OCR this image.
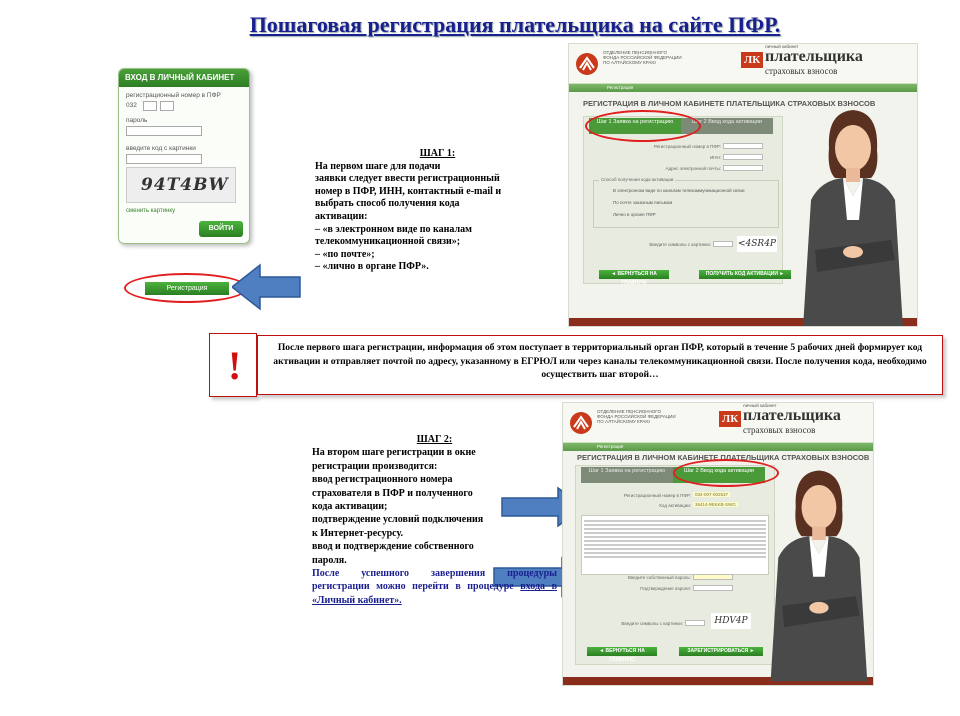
Пошаговая регистрация плательщика на сайте ПФР.
ВХОД В ЛИЧНЫЙ КАБИНЕТ
регистрационный номер в ПФР
032
пароль
введите код с картинки
94T4BW
сменить картинку
ВОЙТИ
Регистрация
ШАГ 1:
На первом шаге для подачи
заявки следует ввести регистрационный
номер в ПФР, ИНН, контактный e-mail и
выбрать способ получения кода
активации:
– «в электронном виде по каналам
телекоммуникационной связи»;
– «по почте»;
– «лично в органе ПФР».
!	После первого шага регистрации, информация об этом поступает в территориальный орган ПФР, который в течение 5 рабочих дней формирует код активации и отправляет почтой по адресу, указанному в ЕГРЮЛ или через каналы телекоммуникационной связи. После получения кода, необходимо осуществить шаг второй…
ШАГ 2:
На втором шаге регистрации в окне
регистрации производится:
ввод регистрационного номера
страхователя в ПФР и полученного
кода активации;
подтверждение условий подключения
к Интернет-ресурсу.
ввод и подтверждение собственного
пароля.
После успешного завершения процедуры регистрации можно перейти в процедуре входа в «Личный кабинет».
ОТДЕЛЕНИЕ ПЕНСИОННОГО ФОНДА РОССИЙСКОЙ ФЕДЕРАЦИИ ПО АЛТАЙСКОМУ КРАЮ	ЛК
личный кабинет
плательщика
страховых взносов
Регистрация
РЕГИСТРАЦИЯ В ЛИЧНОМ КАБИНЕТЕ ПЛАТЕЛЬЩИКА СТРАХОВЫХ ВЗНОСОВ
Шаг 1 Заявка на регистрацию	Шаг 2 Ввод кода активации
Регистрационный номер в ПФР:
ИНН:
Адрес электронной почты:
Способ получения кода активации
В электронном виде по каналам телекоммуникационной связи
По почте заказным письмом
Лично в органе ПФР
Введите символы с картинки:	<4SR4P
◄ ВЕРНУТЬСЯ НА ГЛАВНУЮ
ПОЛУЧИТЬ КОД АКТИВАЦИИ ►
ОТДЕЛЕНИЕ ПЕНСИОННОГО ФОНДА РОССИЙСКОЙ ФЕДЕРАЦИИ ПО АЛТАЙСКОМУ КРАЮ	ЛК
личный кабинет
плательщика
страховых взносов
Регистрация
РЕГИСТРАЦИЯ В ЛИЧНОМ КАБИНЕТЕ ПЛАТЕЛЬЩИКА СТРАХОВЫХ ВЗНОСОВ
Шаг 1 Заявка на регистрацию	Шаг 2 Ввод кода активации
Регистрационный номер в ПФР: 032-007-002537
Код активации: 36414-9EKKB-SWG
Введите собственный пароль:
Подтверждение пароля:
Введите символы с картинки:	HDV4P
◄ ВЕРНУТЬСЯ НА ГЛАВНУЮ
ЗАРЕГИСТРИРОВАТЬСЯ ►
